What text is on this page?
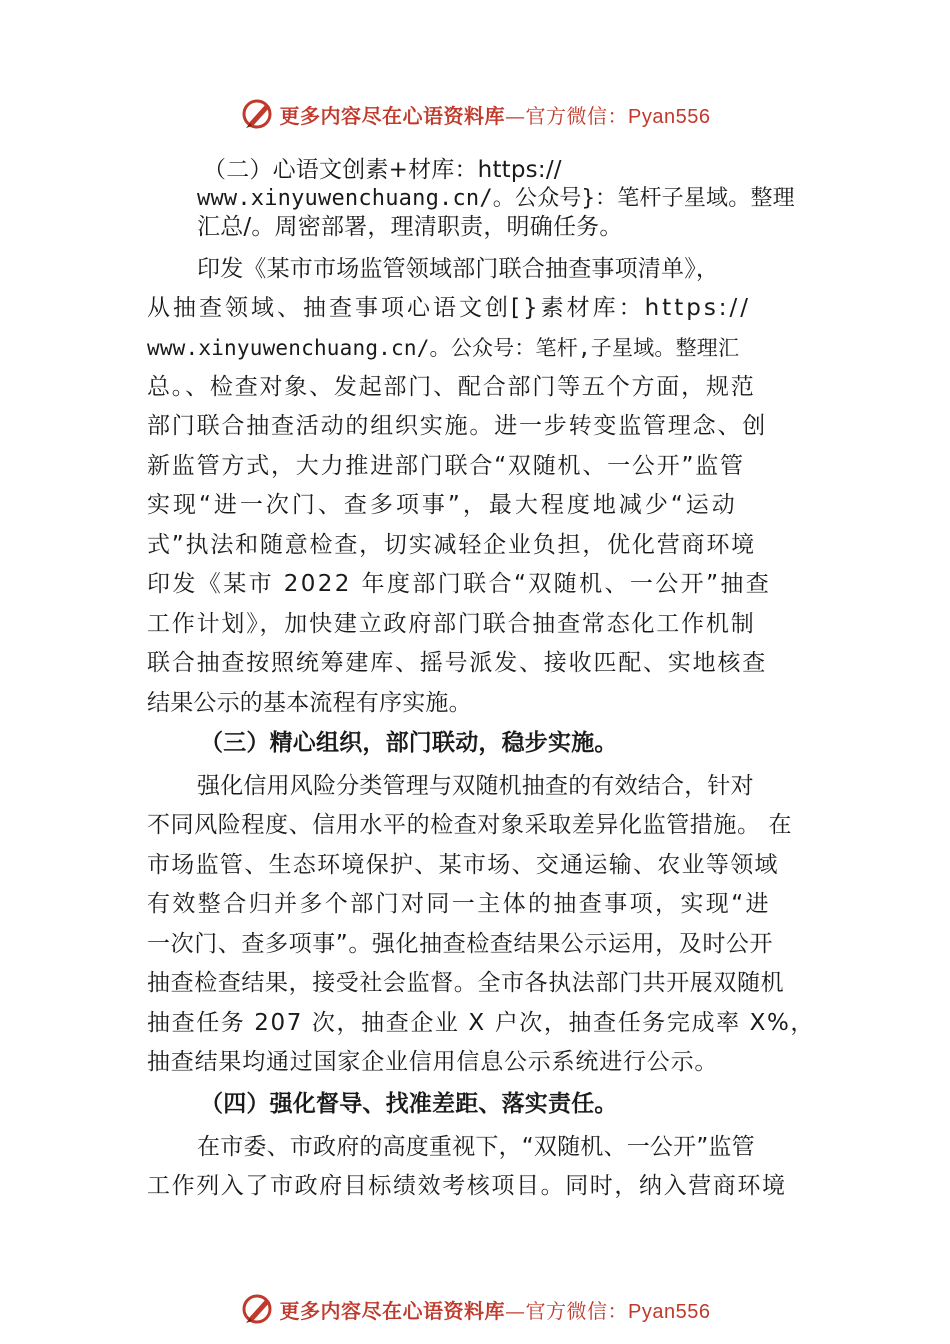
更多内容尽在心语资料库—官方微信：Pyan556
（二）心语文创素+材库：https://
www.xinyuwenchuang.cn/。公众号}：笔杆子星域。整理
汇总/。周密部署，理清职责，明确任务。
印发《某市市场监管领域部门联合抽查事项清单》，
从抽查领域、抽查事项心语文创[}素材库：https://
www.xinyuwenchuang.cn/。公众号：笔杆,子星域。整理汇
总。、检查对象、发起部门、配合部门等五个方面，规范
部门联合抽查活动的组织实施。进一步转变监管理念、创
新监管方式，大力推进部门联合“双随机、一公开”监管
实现“进一次门、查多项事”，最大程度地减少“运动
式”执法和随意检查，切实减轻企业负担，优化营商环境
印发《某市 2022 年度部门联合“双随机、一公开”抽查
工作计划》，加快建立政府部门联合抽查常态化工作机制
联合抽查按照统筹建库、摇号派发、接收匹配、实地核查
结果公示的基本流程有序实施。
（三）精心组织，部门联动，稳步实施。
强化信用风险分类管理与双随机抽查的有效结合，针对
不同风险程度、信用水平的检查对象采取差异化监管措施。 在
市场监管、生态环境保护、某市场、交通运输、农业等领域
有效整合归并多个部门对同一主体的抽查事项，实现“进
一次门、查多项事”。强化抽查检查结果公示运用，及时公开
抽查检查结果，接受社会监督。全市各执法部门共开展双随机
抽查任务 207 次，抽查企业 X 户次，抽查任务完成率 X%，
抽查结果均通过国家企业信用信息公示系统进行公示。
（四）强化督导、找准差距、落实责任。
在市委、市政府的高度重视下，“双随机、一公开”监管
工作列入了市政府目标绩效考核项目。同时，纳入营商环境
更多内容尽在心语资料库—官方微信：Pyan556
